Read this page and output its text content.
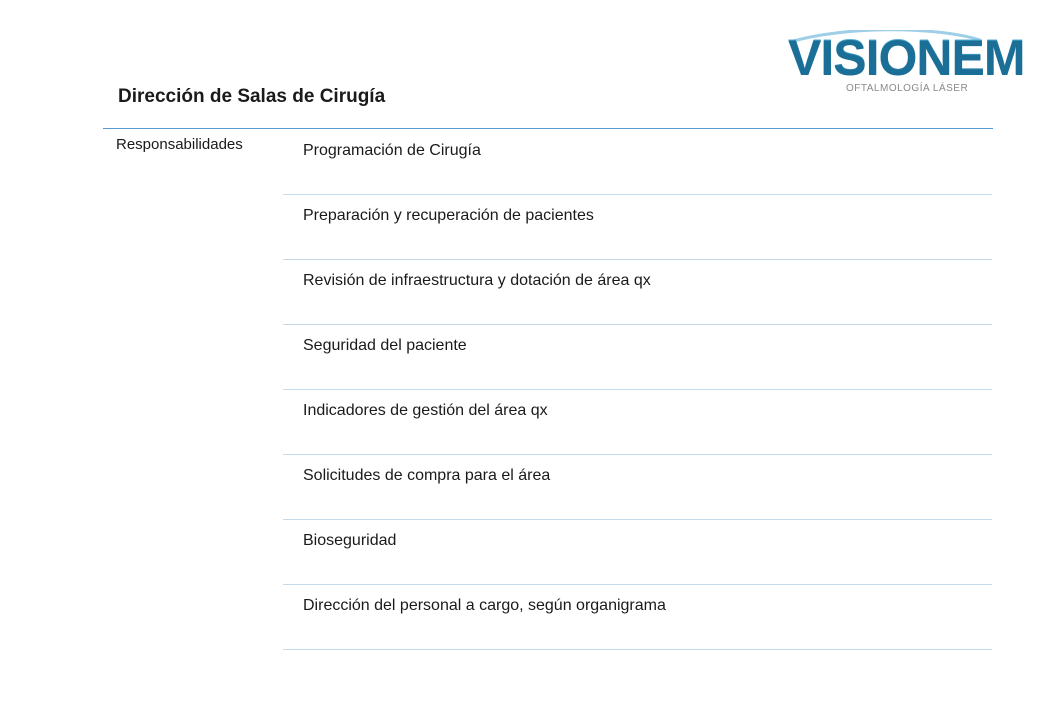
VISIONEM
OFTALMOLOGÍA LÁSER
Dirección de Salas de Cirugía
Responsabilidades	Programación de Cirugía
Preparación y recuperación de pacientes
Revisión de infraestructura y dotación de área qx
Seguridad del paciente
Indicadores de gestión del área qx
Solicitudes de compra para el área
Bioseguridad
Dirección del personal a cargo, según organigrama
